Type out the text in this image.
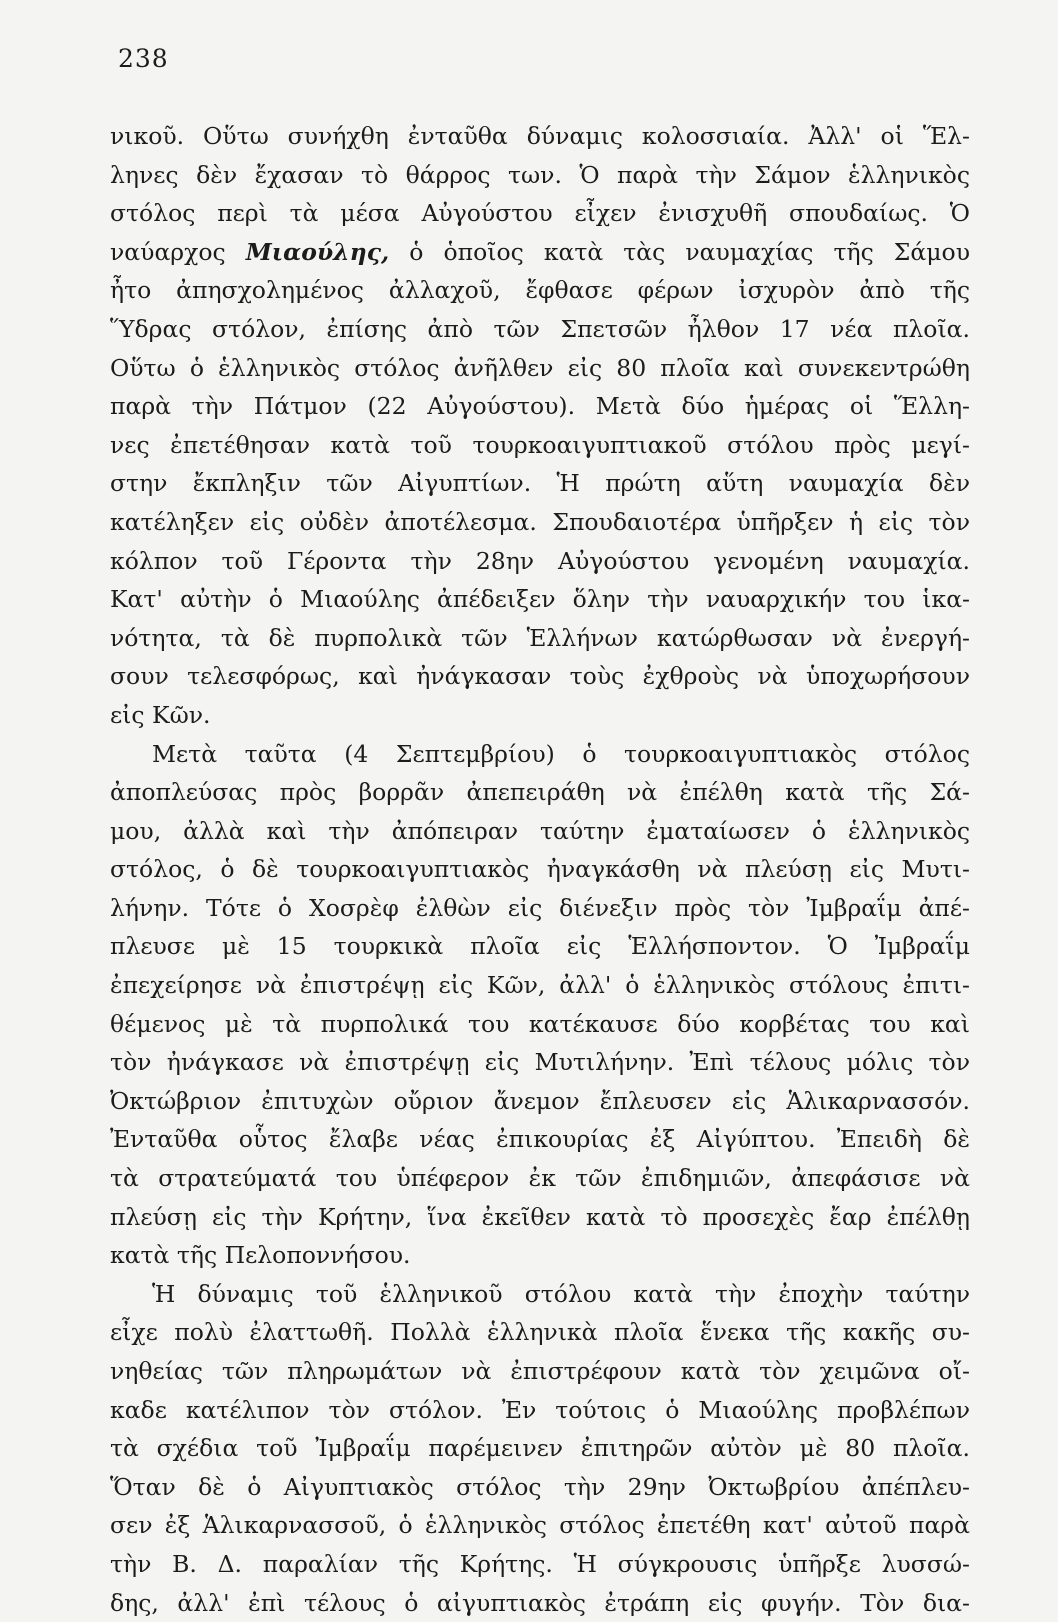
238
νικοῦ. Οὕτω συνήχθη ἐνταῦθα δύναμις κολοσσιαία. Ἀλλ' οἱ Ἕλ-
ληνες δὲν ἔχασαν τὸ θάρρος των. Ὁ παρὰ τὴν Σάμον ἑλληνικὸς
στόλος περὶ τὰ μέσα Αὐγούστου εἶχεν ἐνισχυθῆ σπουδαίως. Ὁ
ναύαρχος Μιαούλης, ὁ ὁποῖος κατὰ τὰς ναυμαχίας τῆς Σάμου
ἦτο ἀπησχολημένος ἀλλαχοῦ, ἔφθασε φέρων ἰσχυρὸν ἀπὸ τῆς
Ὕδρας στόλον, ἐπίσης ἀπὸ τῶν Σπετσῶν ἦλθον 17 νέα πλοῖα.
Οὕτω ὁ ἑλληνικὸς στόλος ἀνῆλθεν εἰς 80 πλοῖα καὶ συνεκεντρώθη
παρὰ τὴν Πάτμον (22 Αὐγούστου). Μετὰ δύο ἡμέρας οἱ Ἕλλη-
νες ἐπετέθησαν κατὰ τοῦ τουρκοαιγυπτιακοῦ στόλου πρὸς μεγί-
στην ἔκπληξιν τῶν Αἰγυπτίων. Ἡ πρώτη αὕτη ναυμαχία δὲν
κατέληξεν εἰς οὐδὲν ἀποτέλεσμα. Σπουδαιοτέρα ὑπῆρξεν ἡ εἰς τὸν
κόλπον τοῦ Γέροντα τὴν 28ην Αὐγούστου γενομένη ναυμαχία.
Κατ' αὐτὴν ὁ Μιαούλης ἀπέδειξεν ὅλην τὴν ναυαρχικήν του ἱκα-
νότητα, τὰ δὲ πυρπολικὰ τῶν Ἑλλήνων κατώρθωσαν νὰ ἐνεργή-
σουν τελεσφόρως, καὶ ἠνάγκασαν τοὺς ἐχθροὺς νὰ ὑποχωρήσουν
εἰς Κῶν.
Μετὰ ταῦτα (4 Σεπτεμβρίου) ὁ τουρκοαιγυπτιακὸς στόλος
ἀποπλεύσας πρὸς βορρᾶν ἀπεπειράθη νὰ ἐπέλθη κατὰ τῆς Σά-
μου, ἀλλὰ καὶ τὴν ἀπόπειραν ταύτην ἐματαίωσεν ὁ ἑλληνικὸς
στόλος, ὁ δὲ τουρκοαιγυπτιακὸς ἠναγκάσθη νὰ πλεύσῃ εἰς Μυτι-
λήνην. Τότε ὁ Χοσρὲφ ἐλθὼν εἰς διένεξιν πρὸς τὸν Ἰμβραΐμ ἀπέ-
πλευσε μὲ 15 τουρκικὰ πλοῖα εἰς Ἑλλήσποντον. Ὁ Ἰμβραΐμ
ἐπεχείρησε νὰ ἐπιστρέψῃ εἰς Κῶν, ἀλλ' ὁ ἑλληνικὸς στόλους ἐπιτι-
θέμενος μὲ τὰ πυρπολικά του κατέκαυσε δύο κορβέτας του καὶ
τὸν ἠνάγκασε νὰ ἐπιστρέψῃ εἰς Μυτιλήνην. Ἐπὶ τέλους μόλις τὸν
Ὀκτώβριον ἐπιτυχὼν οὔριον ἄνεμον ἔπλευσεν εἰς Ἁλικαρνασσόν.
Ἐνταῦθα οὗτος ἔλαβε νέας ἐπικουρίας ἐξ Αἰγύπτου. Ἐπειδὴ δὲ
τὰ στρατεύματά του ὑπέφερον ἐκ τῶν ἐπιδημιῶν, ἀπεφάσισε νὰ
πλεύσῃ εἰς τὴν Κρήτην, ἵνα ἐκεῖθεν κατὰ τὸ προσεχὲς ἔαρ ἐπέλθῃ
κατὰ τῆς Πελοποννήσου.
Ἡ δύναμις τοῦ ἑλληνικοῦ στόλου κατὰ τὴν ἐποχὴν ταύτην
εἶχε πολὺ ἐλαττωθῆ. Πολλὰ ἑλληνικὰ πλοῖα ἕνεκα τῆς κακῆς συ-
νηθείας τῶν πληρωμάτων νὰ ἐπιστρέφουν κατὰ τὸν χειμῶνα οἴ-
καδε κατέλιπον τὸν στόλον. Ἐν τούτοις ὁ Μιαούλης προβλέπων
τὰ σχέδια τοῦ Ἰμβραΐμ παρέμεινεν ἐπιτηρῶν αὐτὸν μὲ 80 πλοῖα.
Ὅταν δὲ ὁ Αἰγυπτιακὸς στόλος τὴν 29ην Ὀκτωβρίου ἀπέπλευ-
σεν ἐξ Ἁλικαρνασσοῦ, ὁ ἑλληνικὸς στόλος ἐπετέθη κατ' αὐτοῦ παρὰ
τὴν Β. Δ. παραλίαν τῆς Κρήτης. Ἡ σύγκρουσις ὑπῆρξε λυσσώ-
δης, ἀλλ' ἐπὶ τέλους ὁ αἰγυπτιακὸς ἐτράπη εἰς φυγήν. Τὸν δια-
